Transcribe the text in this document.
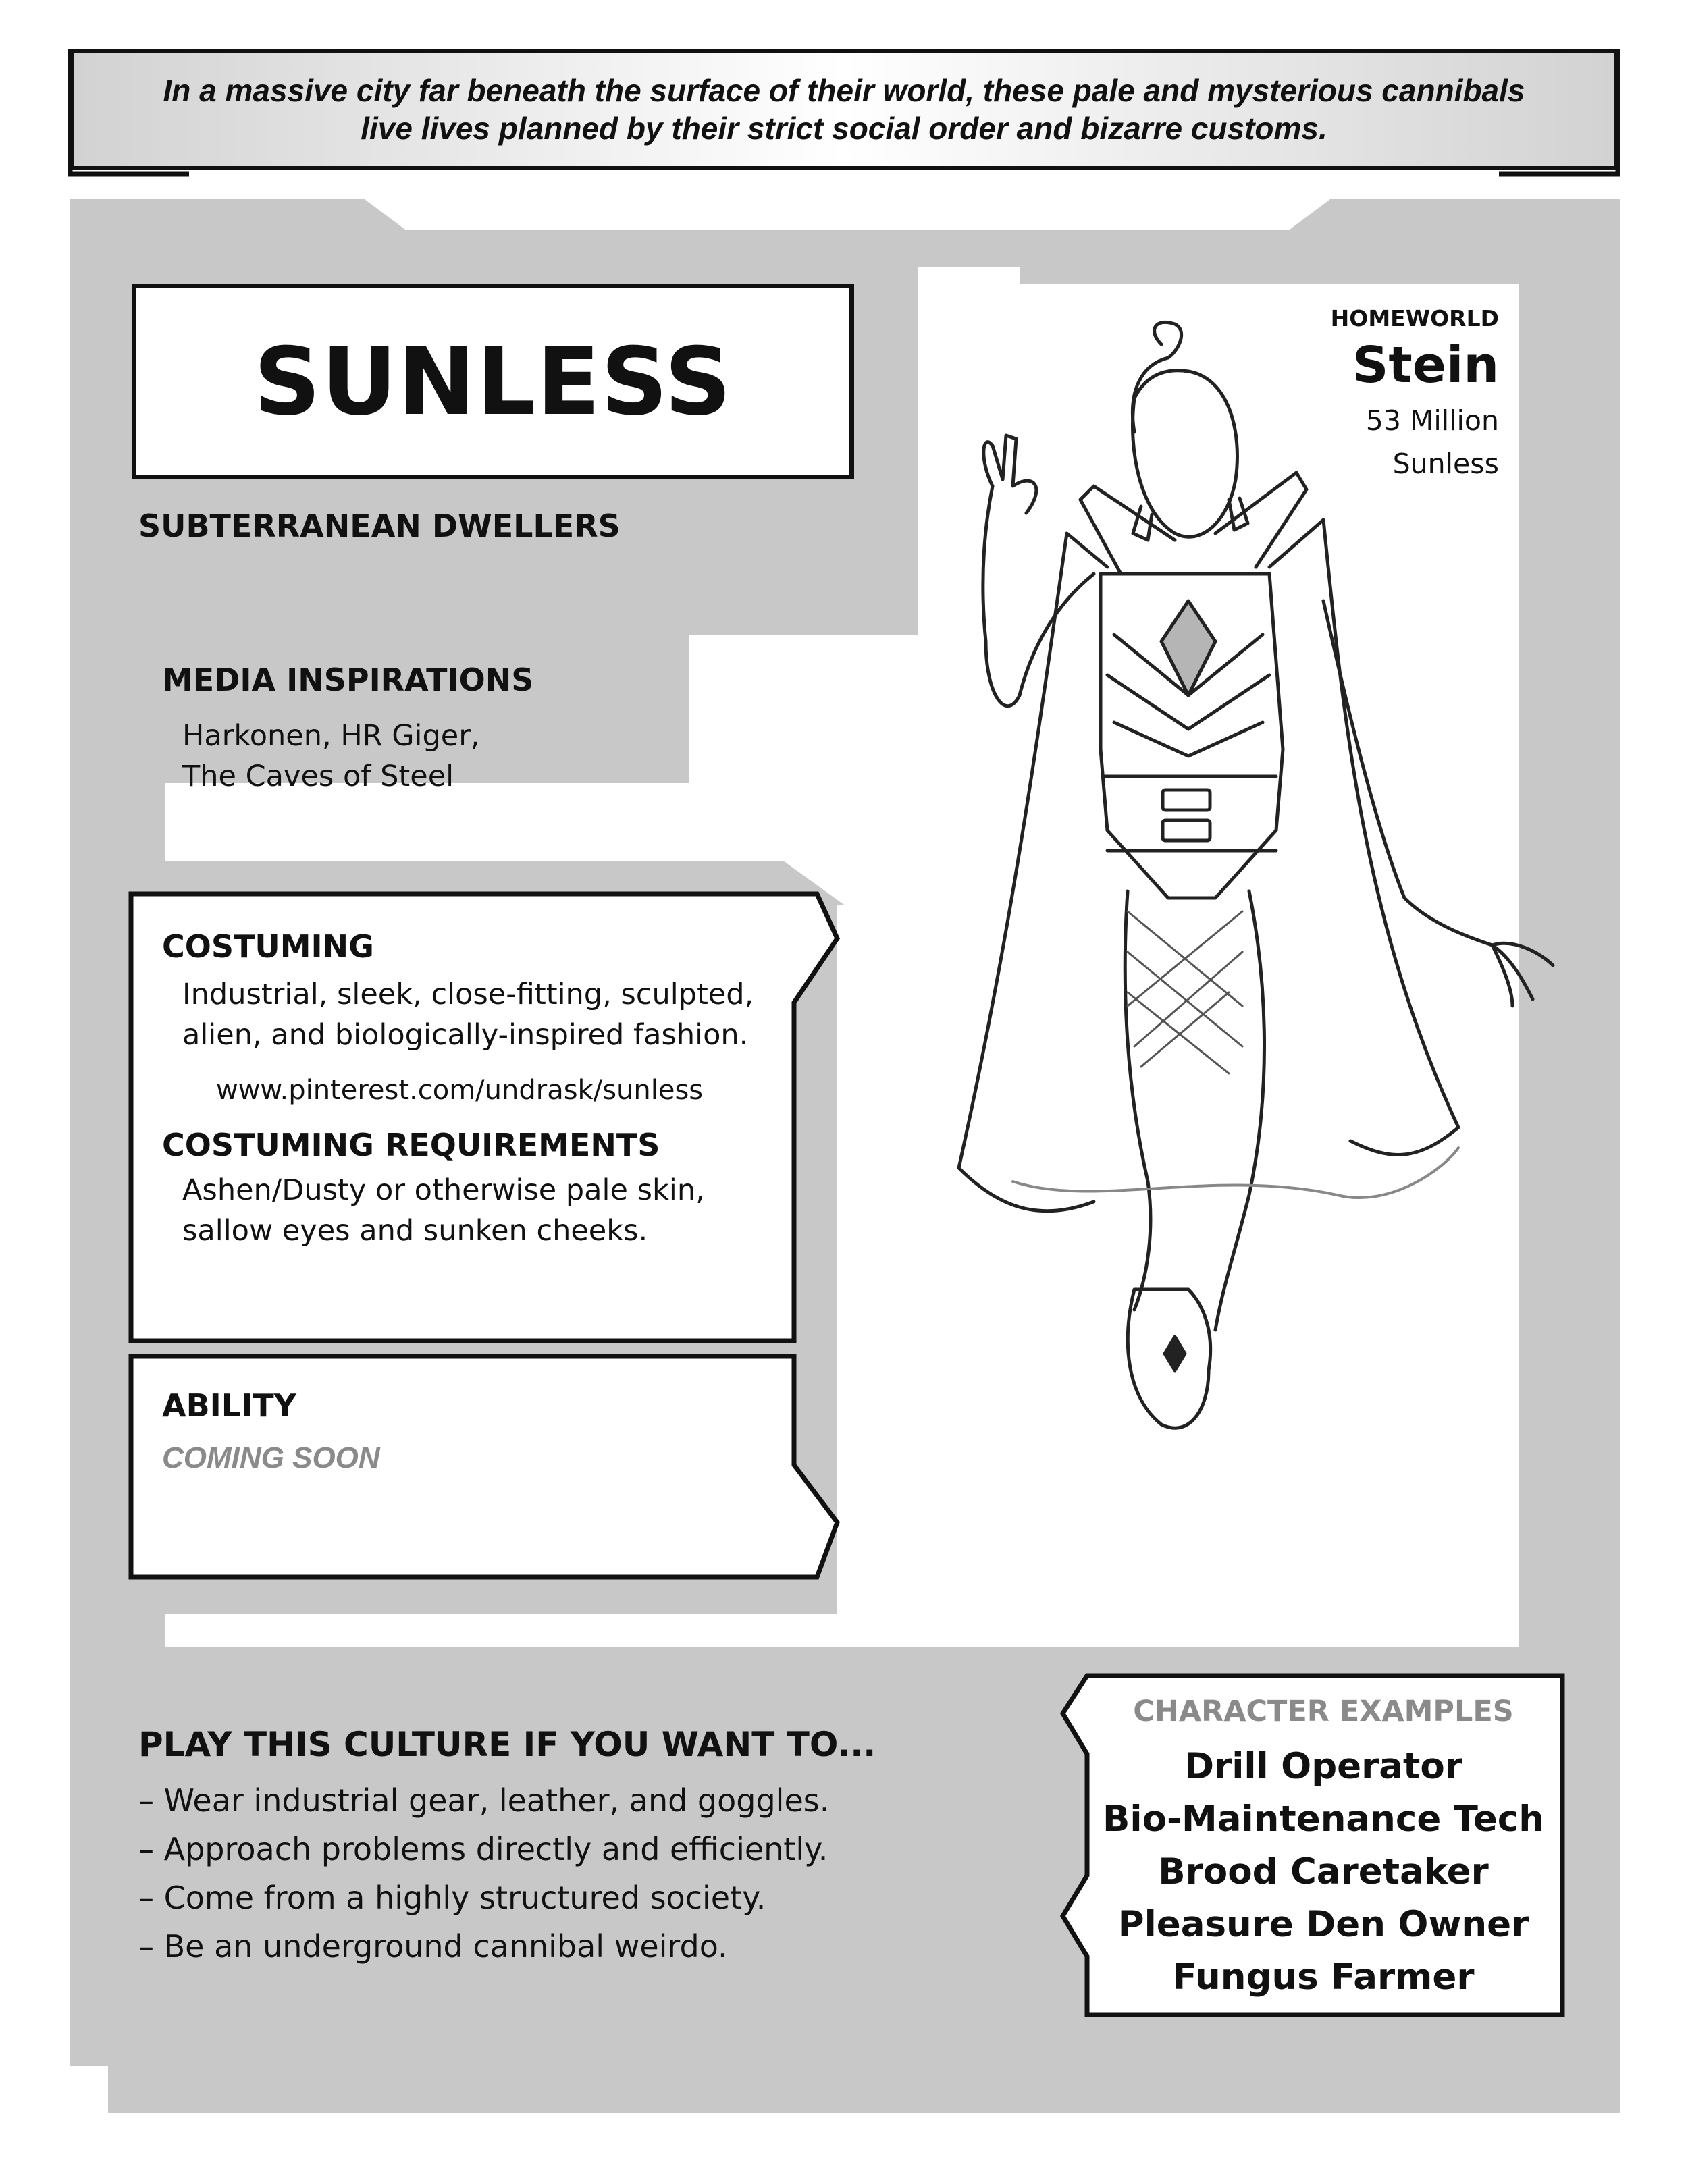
In a massive city far beneath the surface of their world, these pale and mysterious cannibals live lives planned by their strict social order and bizarre customs.

SUNLESS

SUBTERRANEAN DWELLERS

MEDIA INSPIRATIONS

Harkonen, HR Giger,

The Caves of Steel

COSTUMING

Industrial, sleek, close-fitting, sculpted,

alien, and biologically-inspired fashion.

www.pinterest.com/undrask/sunless

COSTUMING REQUIREMENTS

Ashen/Dusty or otherwise pale skin,

sallow eyes and sunken cheeks.

ABILITY

COMING SOON

HOMEWORLD

Stein

53 Million

Sunless

PLAY THIS CULTURE IF YOU WANT TO...

– Wear industrial gear, leather, and goggles.

– Approach problems directly and efficiently.

– Come from a highly structured society.

– Be an underground cannibal weirdo.

CHARACTER EXAMPLES

Drill Operator

Bio-Maintenance Tech

Brood Caretaker

Pleasure Den Owner

Fungus Farmer
